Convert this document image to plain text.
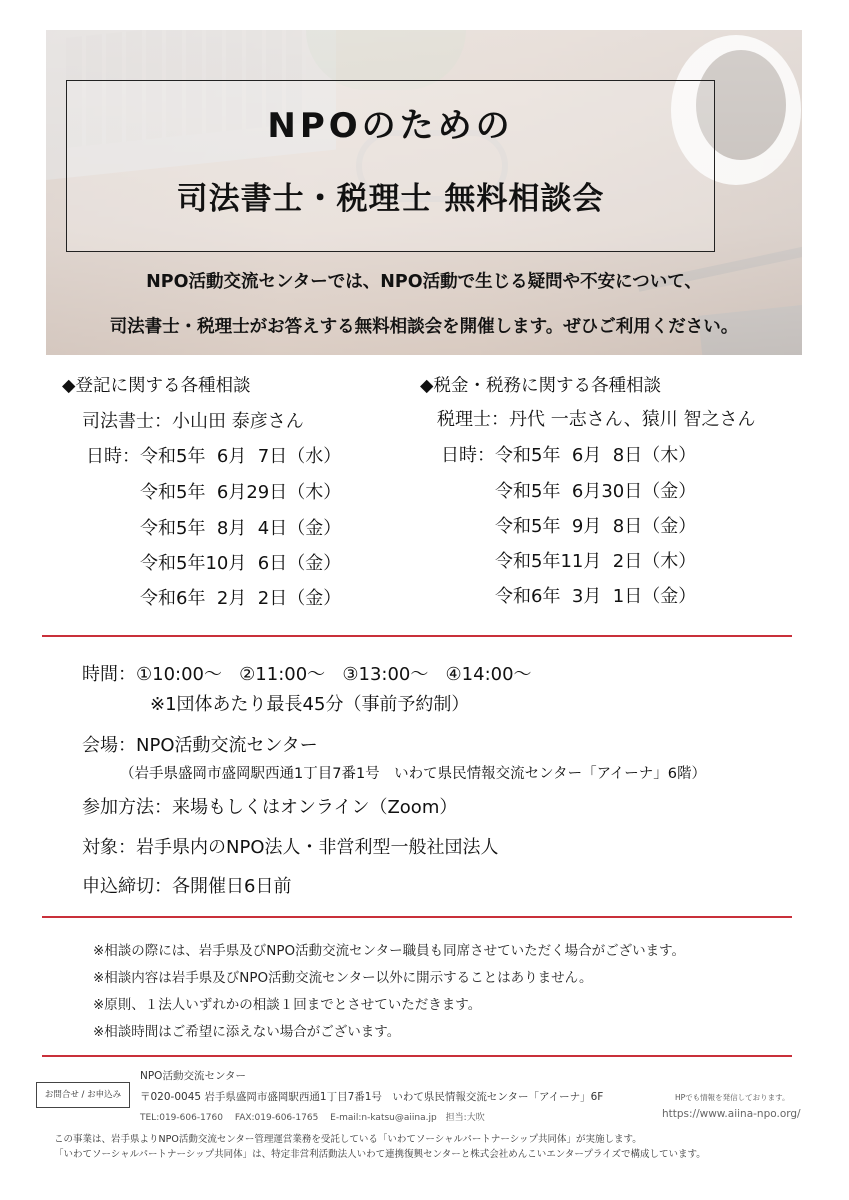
NPOのための
司法書士・税理士 無料相談会
NPO活動交流センターでは、NPO活動で生じる疑問や不安について、
司法書士・税理士がお答えする無料相談会を開催します。ぜひご利用ください。
◆登記に関する各種相談
司法書士：小山田 泰彦さん
日時：令和5年  6月  7日（水）
令和5年  6月29日（木）
令和5年  8月  4日（金）
令和5年10月  6日（金）
令和6年  2月  2日（金）
◆税金・税務に関する各種相談
税理士：丹代 一志さん、猿川 智之さん
日時：令和5年  6月  8日（木）
令和5年  6月30日（金）
令和5年  9月  8日（金）
令和5年11月  2日（木）
令和6年  3月  1日（金）
時間：①10:00～   ②11:00～   ③13:00～   ④14:00～
※1団体あたり最長45分（事前予約制）
会場：NPO活動交流センター
（岩手県盛岡市盛岡駅西通1丁目7番1号　いわて県民情報交流センター「アイーナ」6階）
参加方法：来場もしくはオンライン（Zoom）
対象：岩手県内のNPO法人・非営利型一般社団法人
申込締切：各開催日6日前
※相談の際には、岩手県及びNPO活動交流センター職員も同席させていただく場合がございます。
※相談内容は岩手県及びNPO活動交流センター以外に開示することはありません。
※原則、１法人いずれかの相談１回までとさせていただきます。
※相談時間はご希望に添えない場合がございます。
お問合せ / お申込み
NPO活動交流センター
〒020-0045 岩手県盛岡市盛岡駅西通1丁目7番1号　いわて県民情報交流センター「アイーナ」6F
TEL:019-606-1760　 FAX:019-606-1765　 E-mail:n-katsu@aiina.jp　担当:大吹
HPでも情報を発信しております。
https://www.aiina-npo.org/
この事業は、岩手県よりNPO活動交流センター管理運営業務を受託している「いわてソーシャルパートナーシップ共同体」が実施します。
「いわてソーシャルパートナーシップ共同体」は、特定非営利活動法人いわて連携復興センターと株式会社めんこいエンタープライズで構成しています。
